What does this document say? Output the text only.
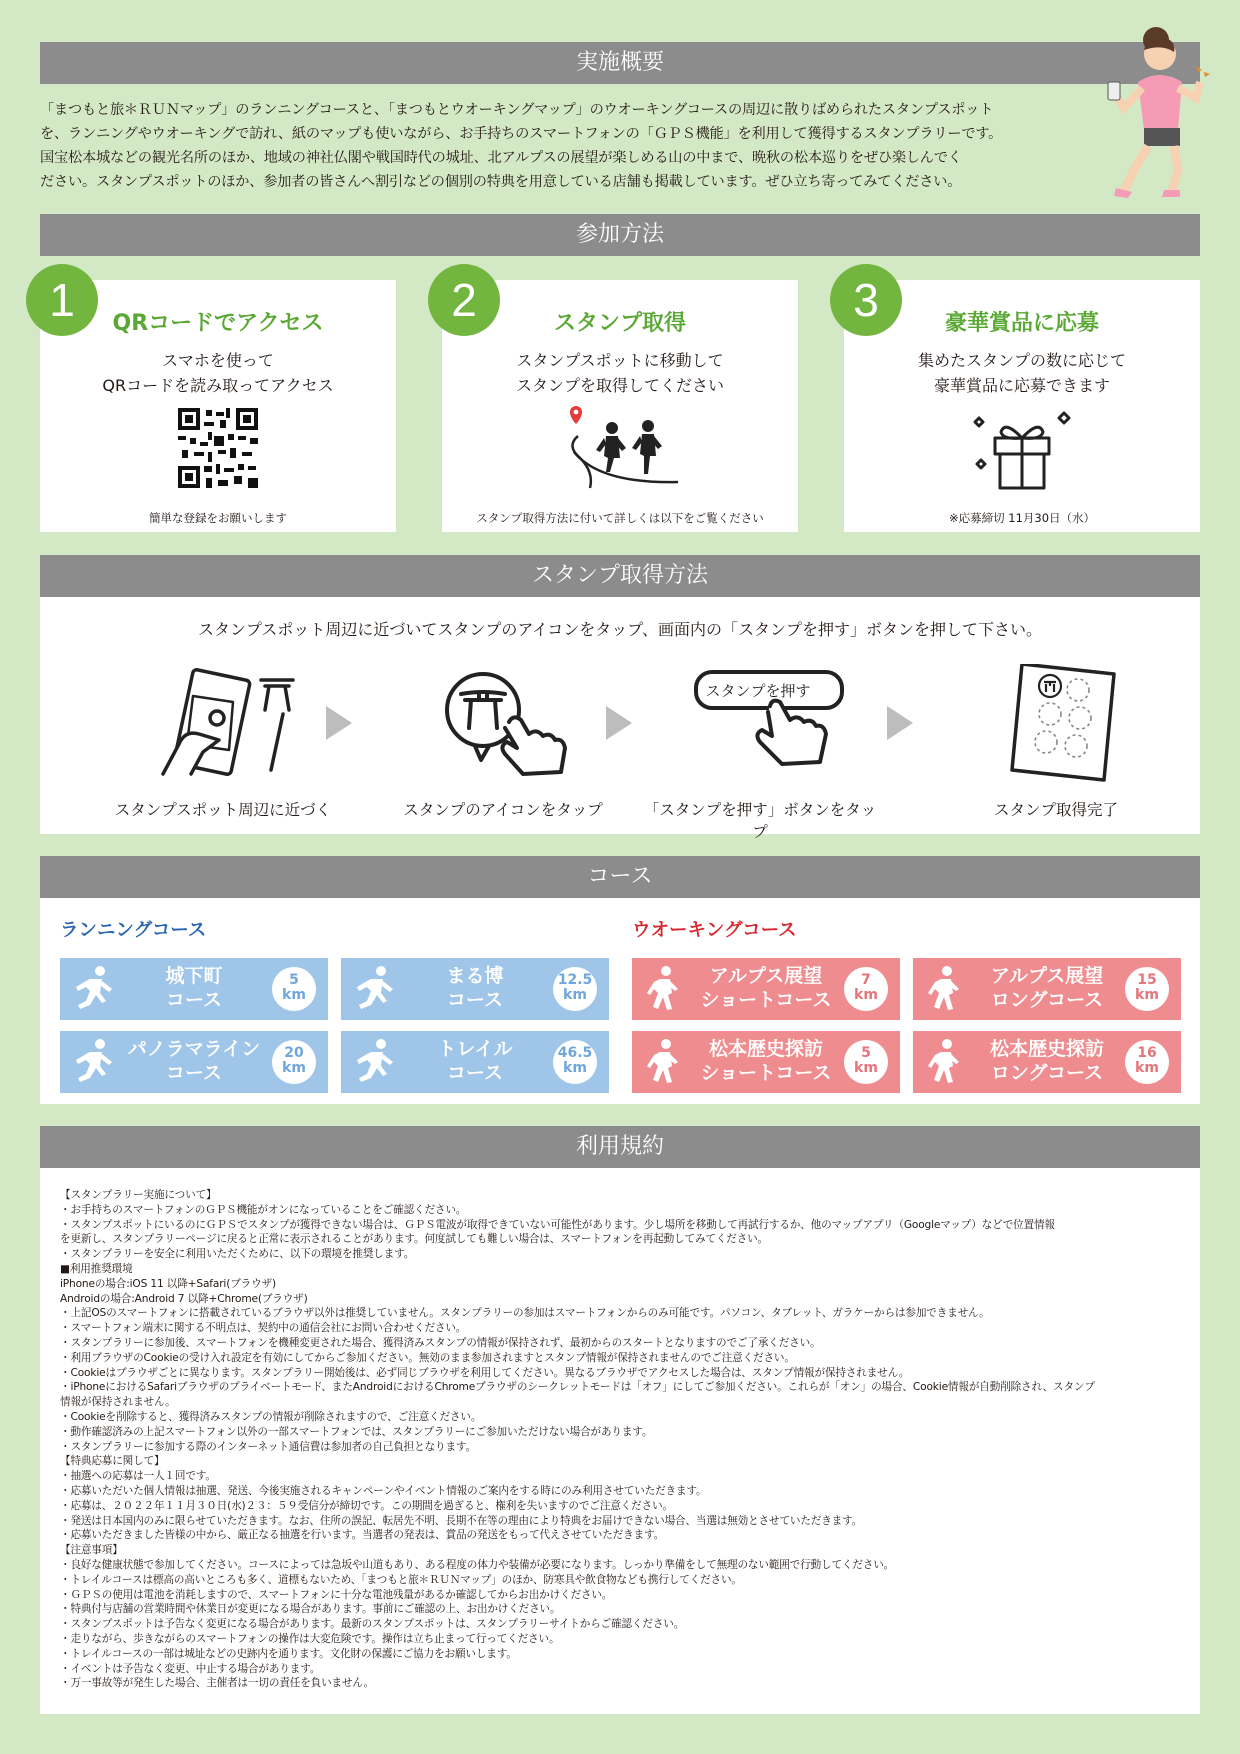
実施概要

「まつもと旅＊ＲＵＮマップ」のランニングコースと、「まつもとウオーキングマップ」のウオーキングコースの周辺に散りばめられたスタンプスポット

を、ランニングやウオーキングで訪れ、紙のマップも使いながら、お手持ちのスマートフォンの「ＧＰＳ機能」を利用して獲得するスタンプラリーです。

国宝松本城などの観光名所のほか、地域の神社仏閣や戦国時代の城址、北アルプスの展望が楽しめる山の中まで、晩秋の松本巡りをぜひ楽しんでく

ださい。スタンプスポットのほか、参加者の皆さんへ割引などの個別の特典を用意している店舗も掲載しています。ぜひ立ち寄ってみてください。

参加方法
1	QRコードでアクセス
スマホを使って
QRコードを読み取ってアクセス
簡単な登録をお願いします
2	スタンプ取得
スタンプスポットに移動して
スタンプを取得してください
スタンプ取得方法に付いて詳しくは以下をご覧ください
3	豪華賞品に応募
集めたスタンプの数に応じて
豪華賞品に応募できます
※応募締切 11月30日（水）
スタンプ取得方法
スタンプスポット周辺に近づいてスタンプのアイコンをタップ、画面内の「スタンプを押す」ボタンを押して下さい。
スタンプスポット周辺に近づく	スタンプのアイコンをタップ
スタンプを押す
「スタンプを押す」ボタンをタップ
スタンプ取得完了
コース
ランニングコース	ウオーキングコース
城下町
コース
5
km
まる博
コース
12.5
km
パノラマライン
コース
20
km
トレイル
コース
46.5
km
アルプス展望
ショートコース
7
km
アルプス展望
ロングコース
15
km
松本歴史探訪
ショートコース
5
km
松本歴史探訪
ロングコース
16
km
利用規約
【スタンプラリー実施について】
・お手持ちのスマートフォンのＧＰＳ機能がオンになっていることをご確認ください。
・スタンプスポットにいるのにＧＰＳでスタンプが獲得できない場合は、ＧＰＳ電波が取得できていない可能性があります。少し場所を移動して再試行するか、他のマップアプリ（Googleマップ）などで位置情報
を更新し、スタンプラリーページに戻ると正常に表示されることがあります。何度試しても難しい場合は、スマートフォンを再起動してみてください。
・スタンプラリーを安全に利用いただくために、以下の環境を推奨します。
■利用推奨環境
iPhoneの場合:iOS 11 以降+Safari(ブラウザ)
Androidの場合:Android 7 以降+Chrome(ブラウザ)
・上記OSのスマートフォンに搭載されているブラウザ以外は推奨していません。スタンプラリーの参加はスマートフォンからのみ可能です。パソコン、タブレット、ガラケーからは参加できません。
・スマートフォン端末に関する不明点は、契約中の通信会社にお問い合わせください。
・スタンプラリーに参加後、スマートフォンを機種変更された場合、獲得済みスタンプの情報が保持されず、最初からのスタートとなりますのでご了承ください。
・利用ブラウザのCookieの受け入れ設定を有効にしてからご参加ください。無効のまま参加されますとスタンプ情報が保持されませんのでご注意ください。
・Cookieはブラウザごとに異なります。スタンプラリー開始後は、必ず同じブラウザを利用してください。異なるブラウザでアクセスした場合は、スタンプ情報が保持されません。
・iPhoneにおけるSafariブラウザのプライベートモード、またAndroidにおけるChromeブラウザのシークレットモードは「オフ」にしてご参加ください。これらが「オン」の場合、Cookie情報が自動削除され、スタンプ
情報が保持されません。
・Cookieを削除すると、獲得済みスタンプの情報が削除されますので、ご注意ください。
・動作確認済みの上記スマートフォン以外の一部スマートフォンでは、スタンプラリーにご参加いただけない場合があります。
・スタンプラリーに参加する際のインターネット通信費は参加者の自己負担となります。
【特典応募に関して】
・抽選への応募は一人１回です。
・応募いただいた個人情報は抽選、発送、今後実施されるキャンペーンやイベント情報のご案内をする時にのみ利用させていただきます。
・応募は、２０２２年１１月３０日(水)２３：５９受信分が締切です。この期間を過ぎると、権利を失いますのでご注意ください。
・発送は日本国内のみに限らせていただきます。なお、住所の誤記、転居先不明、長期不在等の理由により特典をお届けできない場合、当選は無効とさせていただきます。
・応募いただきました皆様の中から、厳正なる抽選を行います。当選者の発表は、賞品の発送をもって代えさせていただきます。
【注意事項】
・良好な健康状態で参加してください。コースによっては急坂や山道もあり、ある程度の体力や装備が必要になります。しっかり準備をして無理のない範囲で行動してください。
・トレイルコースは標高の高いところも多く、道標もないため、「まつもと旅＊ＲＵＮマップ」のほか、防寒具や飲食物なども携行してください。
・ＧＰＳの使用は電池を消耗しますので、スマートフォンに十分な電池残量があるか確認してからお出かけください。
・特典付与店舗の営業時間や休業日が変更になる場合があります。事前にご確認の上、お出かけください。
・スタンプスポットは予告なく変更になる場合があります。最新のスタンプスポットは、スタンプラリーサイトからご確認ください。
・走りながら、歩きながらのスマートフォンの操作は大変危険です。操作は立ち止まって行ってください。
・トレイルコースの一部は城址などの史跡内を通ります。文化財の保護にご協力をお願いします。
・イベントは予告なく変更、中止する場合があります。
・万一事故等が発生した場合、主催者は一切の責任を負いません。
